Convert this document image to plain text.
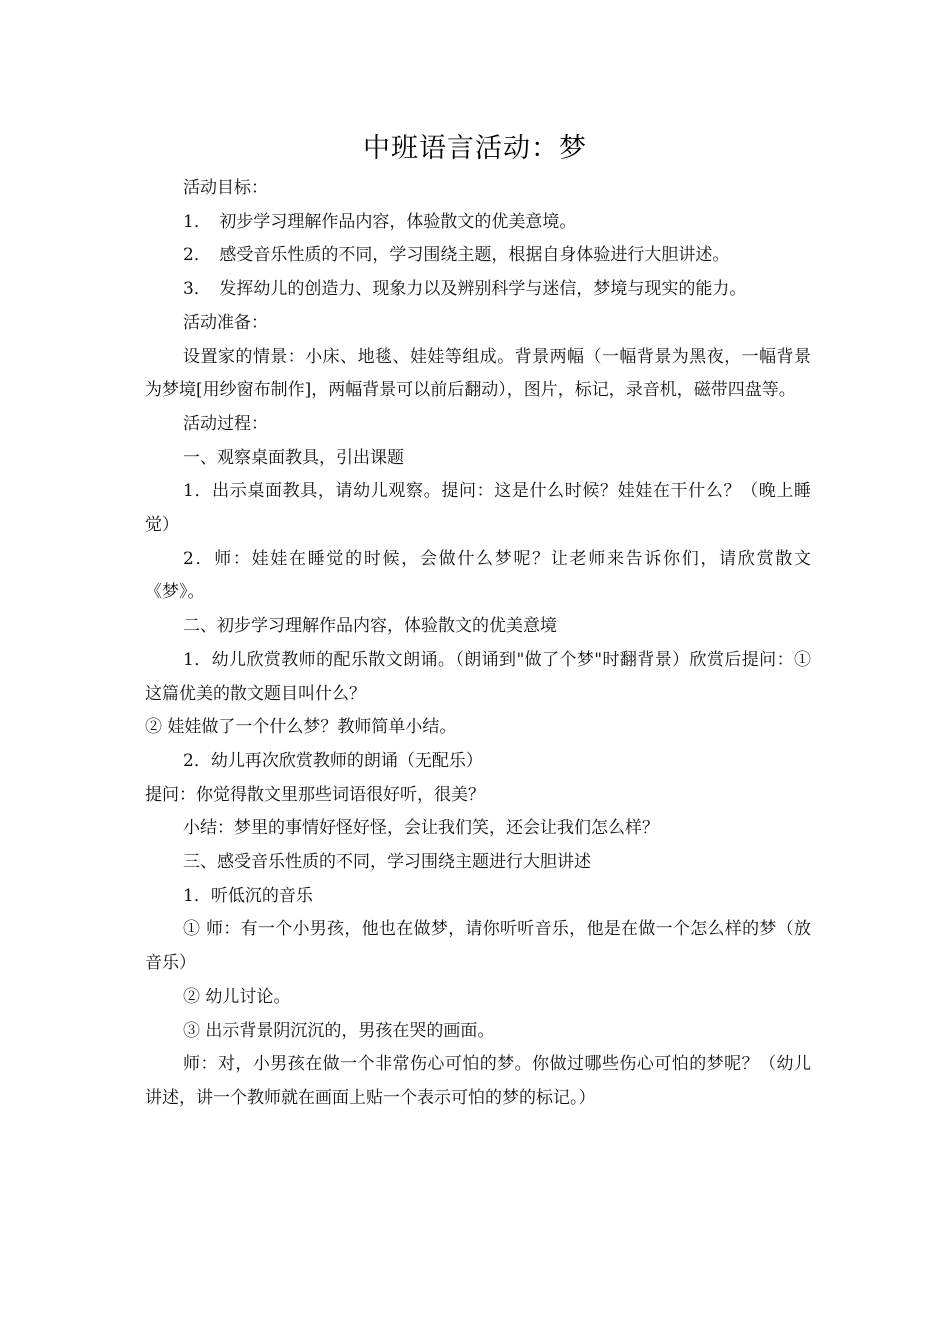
中班语言活动：梦

活动目标：

1．　初步学习理解作品内容，体验散文的优美意境。

2．　感受音乐性质的不同，学习围绕主题，根据自身体验进行大胆讲述。

3．　发挥幼儿的创造力、现象力以及辨别科学与迷信，梦境与现实的能力。

活动准备：

设置家的情景：小床、地毯、娃娃等组成。背景两幅（一幅背景为黑夜，一幅背景为梦境[用纱窗布制作]，两幅背景可以前后翻动），图片，标记，录音机，磁带四盘等。

活动过程：

一、观察桌面教具，引出课题

1．出示桌面教具，请幼儿观察。提问：这是什么时候？娃娃在干什么？（晚上睡觉）

2．师：娃娃在睡觉的时候，会做什么梦呢？让老师来告诉你们，请欣赏散文《梦》。

二、初步学习理解作品内容，体验散文的优美意境

1．幼儿欣赏教师的配乐散文朗诵。（朗诵到"做了个梦"时翻背景）欣赏后提问：①这篇优美的散文题目叫什么？

② 娃娃做了一个什么梦？教师简单小结。

2．幼儿再次欣赏教师的朗诵（无配乐）

提问：你觉得散文里那些词语很好听，很美？

小结：梦里的事情好怪好怪，会让我们笑，还会让我们怎么样？

三、感受音乐性质的不同，学习围绕主题进行大胆讲述

1．听低沉的音乐

① 师：有一个小男孩，他也在做梦，请你听听音乐，他是在做一个怎么样的梦（放音乐）

② 幼儿讨论。

③ 出示背景阴沉沉的，男孩在哭的画面。

师：对，小男孩在做一个非常伤心可怕的梦。你做过哪些伤心可怕的梦呢？（幼儿讲述，讲一个教师就在画面上贴一个表示可怕的梦的标记。）
